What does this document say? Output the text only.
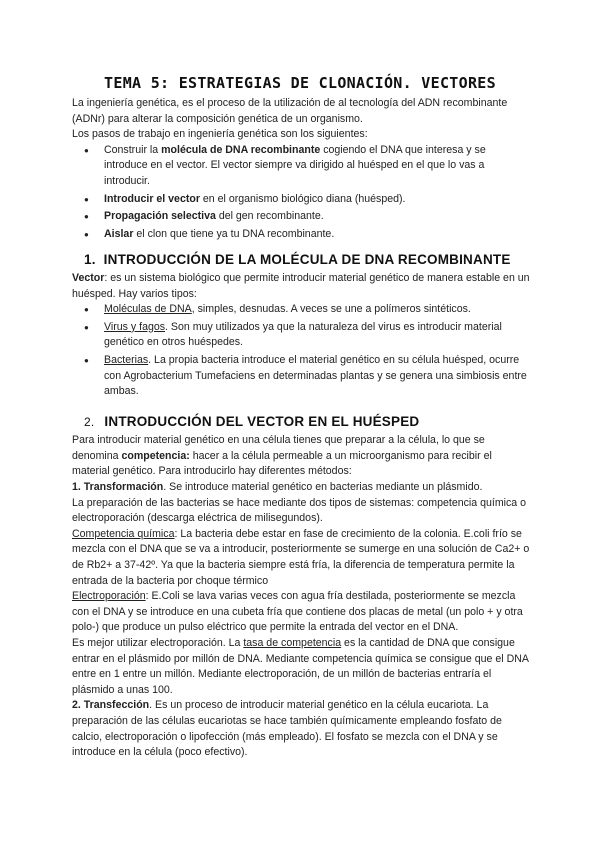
TEMA 5: ESTRATEGIAS DE CLONACIÓN. VECTORES

La ingeniería genética, es el proceso de la utilización de al tecnología del ADN recombinante (ADNr) para alterar la composición genética de un organismo.

Los pasos de trabajo en ingeniería genética son los siguientes:

● Construir la molécula de DNA recombinante cogiendo el DNA que interesa y se introduce en el vector. El vector siempre va dirigido al huésped en el que lo vas a introducir.
● Introducir el vector en el organismo biológico diana (huésped).
● Propagación selectiva del gen recombinante.
● Aislar el clon que tiene ya tu DNA recombinante.
1. INTRODUCCIÓN DE LA MOLÉCULA DE DNA RECOMBINANTE

Vector: es un sistema biológico que permite introducir material genético de manera estable en un huésped. Hay varios tipos:

● Moléculas de DNA, simples, desnudas. A veces se une a polímeros sintéticos.
● Virus y fagos. Son muy utilizados ya que la naturaleza del virus es introducir material genético en otros huéspedes.
● Bacterias. La propia bacteria introduce el material genético en su célula huésped, ocurre con Agrobacterium Tumefaciens en determinadas plantas y se genera una simbiosis entre ambas.
2. INTRODUCCIÓN DEL VECTOR EN EL HUÉSPED

Para introducir material genético en una célula tienes que preparar a la célula, lo que se denomina competencia: hacer a la célula permeable a un microorganismo para recibir el material genético. Para introducirlo hay diferentes métodos:

1. Transformación. Se introduce material genético en bacterias mediante un plásmido.

La preparación de las bacterias se hace mediante dos tipos de sistemas: competencia química o electroporación (descarga eléctrica de milisegundos).

Competencia química: La bacteria debe estar en fase de crecimiento de la colonia. E.coli frío se mezcla con el DNA que se va a introducir, posteriormente se sumerge en una solución de Ca2+ o de Rb2+ a 37-42º. Ya que la bacteria siempre está fría, la diferencia de temperatura permite la entrada de la bacteria por choque térmico

Electroporación: E.Coli se lava varias veces con agua fría destilada, posteriormente se mezcla con el DNA y se introduce en una cubeta fría que contiene dos placas de metal (un polo + y otra polo-) que produce un pulso eléctrico que permite la entrada del vector en el DNA.

Es mejor utilizar electroporación. La tasa de competencia es la cantidad de DNA que consigue entrar en el plásmido por millón de DNA. Mediante competencia química se consigue que el DNA entre en 1 entre un millón. Mediante electroporación, de un millón de bacterias entraría el plásmido a unas 100.

2. Transfección. Es un proceso de introducir material genético en la célula eucariota. La preparación de las células eucariotas se hace también químicamente empleando fosfato de calcio, electroporación o lipofección (más empleado). El fosfato se mezcla con el DNA y se introduce en la célula (poco efectivo).
